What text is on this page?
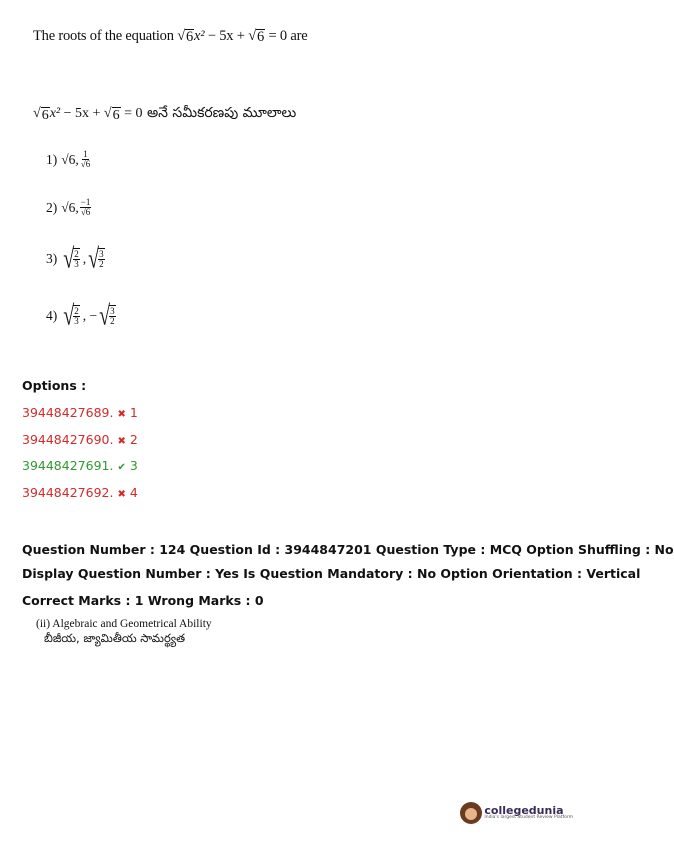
The roots of the equation √ 6 x² − 5x + √ 6 = 0 are
√ 6 x² − 5x + √ 6 = 0 అనే సమీకరణపు మూలాలు
1) √6, $\frac{1}{√6}$
2) √6, $\frac{-1}{√6}$
3) √ $\frac{2}{3}$ , √ $\frac{3}{2}$
4) √ $\frac{2}{3}$ , − √ $\frac{3}{2}$
Options :
39448427689. ✖ 1
39448427690. ✖ 2
39448427691. ✔ 3
39448427692. ✖ 4
Question Number : 124 Question Id : 3944847201 Question Type : MCQ Option Shuffling : No
Display Question Number : Yes Is Question Mandatory : No Option Orientation : Vertical
Correct Marks : 1 Wrong Marks : 0
(ii) Algebraic and Geometrical Ability
బీజీయ, జ్యామితీయ సామర్థ్యత
collegedunia
India's largest Student Review Platform
